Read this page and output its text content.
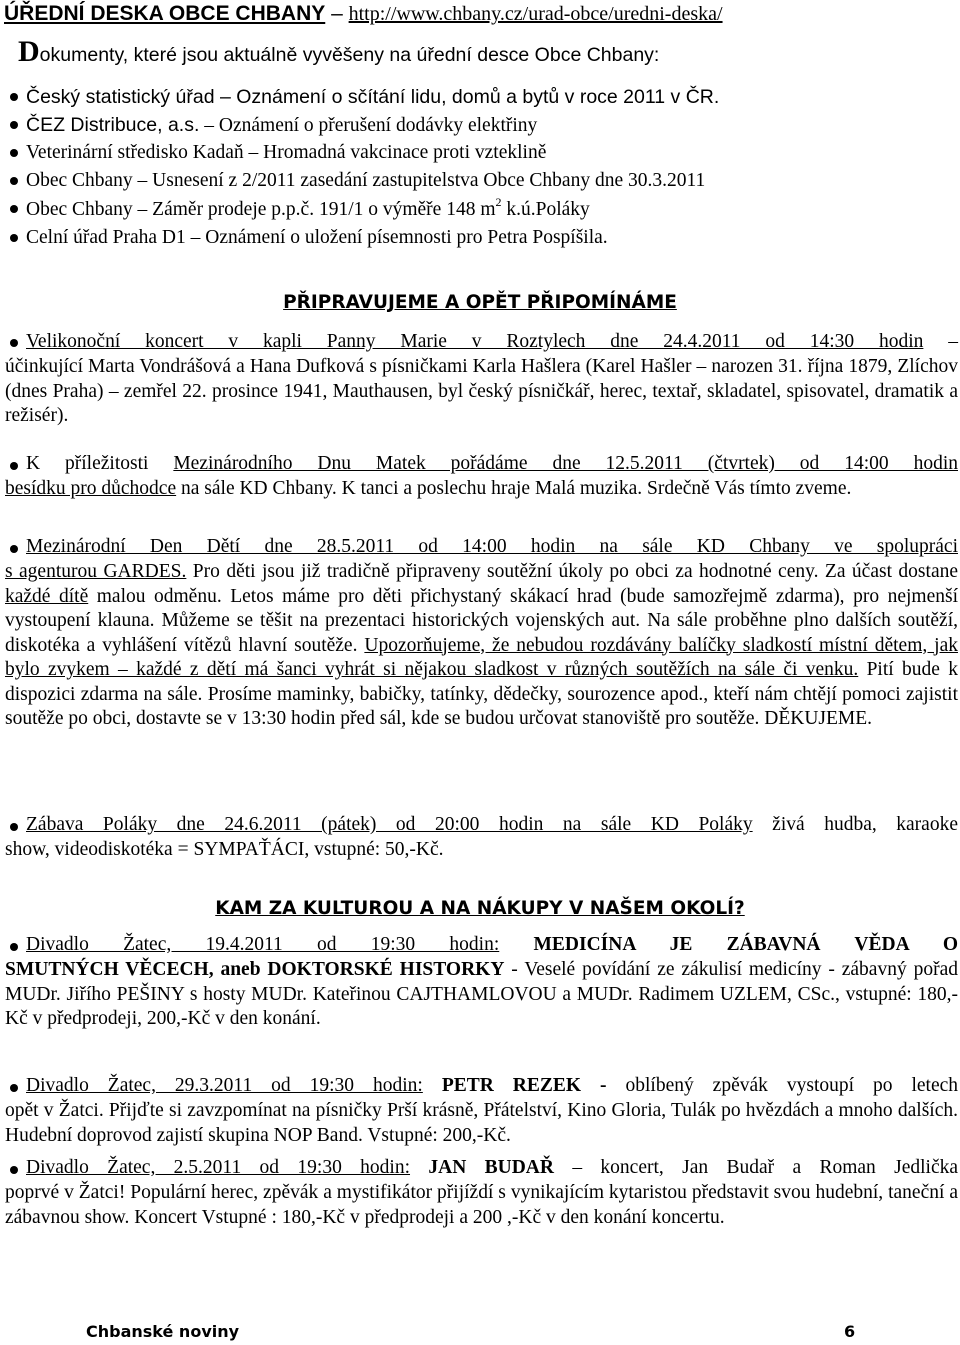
ÚŘEDNÍ DESKA OBCE CHBANY – http://www.chbany.cz/urad-obce/uredni-deska/
Dokumenty, které jsou aktuálně vyvěšeny na úřední desce Obce Chbany:
Český statistický úřad – Oznámení o sčítání lidu, domů a bytů v roce 2011 v ČR.
ČEZ Distribuce, a.s. – Oznámení o přerušení dodávky elektřiny
Veterinární středisko Kadaň – Hromadná vakcinace proti vzteklině
Obec Chbany – Usnesení z 2/2011 zasedání zastupitelstva Obce Chbany dne 30.3.2011
Obec Chbany – Záměr prodeje p.p.č. 191/1 o výměře 148 $m^2$ k.ú.Poláky
Celní úřad Praha D1 – Oznámení o uložení písemnosti pro Petra Pospíšila.
PŘIPRAVUJEME A OPĚT PŘIPOMÍNÁME
Velikonoční koncert v kapli Panny Marie v Roztylech dne 24.4.2011 od 14:30 hodin –
účinkující Marta Vondrášová a Hana Dufková s písničkami Karla Hašlera (Karel Hašler – narozen 31. října 1879, Zlíchov (dnes Praha) – zemřel 22. prosince 1941, Mauthausen, byl český písničkář, herec, textař, skladatel, spisovatel, dramatik a režisér).
K příležitosti Mezinárodního Dnu Matek pořádáme dne 12.5.2011 (čtvrtek) od 14:00 hodin
besídku pro důchodce na sále KD Chbany. K tanci a poslechu hraje Malá muzika. Srdečně Vás tímto zveme.
Mezinárodní Den Dětí dne 28.5.2011 od 14:00 hodin na sále KD Chbany ve spolupráci
s agenturou GARDES. Pro děti jsou již tradičně připraveny soutěžní úkoly po obci za hodnotné ceny. Za účast dostane každé dítě malou odměnu. Letos máme pro děti přichystaný skákací hrad (bude samozřejmě zdarma), pro nejmenší vystoupení klauna. Můžeme se těšit na prezentaci historických vojenských aut. Na sále proběhne plno dalších soutěží, diskotéka a vyhlášení vítězů hlavní soutěže. Upozorňujeme, že nebudou rozdávány balíčky sladkostí místní dětem, jak bylo zvykem – každé z dětí má šanci vyhrát si nějakou sladkost v různých soutěžích na sále či venku. Pití bude k dispozici zdarma na sále. Prosíme maminky, babičky, tatínky, dědečky, sourozence apod., kteří nám chtějí pomoci zajistit soutěže po obci, dostavte se v 13:30 hodin před sál, kde se budou určovat stanoviště pro soutěže. DĚKUJEME.
Zábava Poláky dne 24.6.2011 (pátek) od 20:00 hodin na sále KD Poláky živá hudba, karaoke
show, videodiskotéka = SYMPAŤÁCI, vstupné: 50,-Kč.
KAM ZA KULTUROU A NA NÁKUPY V NAŠEM OKOLÍ?
Divadlo Žatec, 19.4.2011 od 19:30 hodin: MEDICÍNA JE ZÁBAVNÁ VĚDA O
SMUTNÝCH VĚCECH, aneb DOKTORSKÉ HISTORKY - Veselé povídání ze zákulisí medicíny - zábavný pořad MUDr. Jiřího PEŠINY s hosty MUDr. Kateřinou CAJTHAMLOVOU a MUDr. Radimem UZLEM, CSc., vstupné: 180,-Kč v předprodeji, 200,-Kč v den konání.
Divadlo Žatec, 29.3.2011 od 19:30 hodin: PETR REZEK - oblíbený zpěvák vystoupí po letech
opět v Žatci. Přijďte si zavzpomínat na písničky Prší krásně, Přátelství, Kino Gloria, Tulák po hvězdách a mnoho dalších. Hudební doprovod zajistí skupina NOP Band. Vstupné: 200,-Kč.
Divadlo Žatec, 2.5.2011 od 19:30 hodin: JAN BUDAŘ – koncert, Jan Budař a Roman Jedlička
poprvé v Žatci! Populární herec, zpěvák a mystifikátor přijíždí s vynikajícím kytaristou představit svou hudební, taneční a zábavnou show. Koncert Vstupné : 180,-Kč v předprodeji a 200 ,-Kč v den konání koncertu.
Chbanské noviny	6
